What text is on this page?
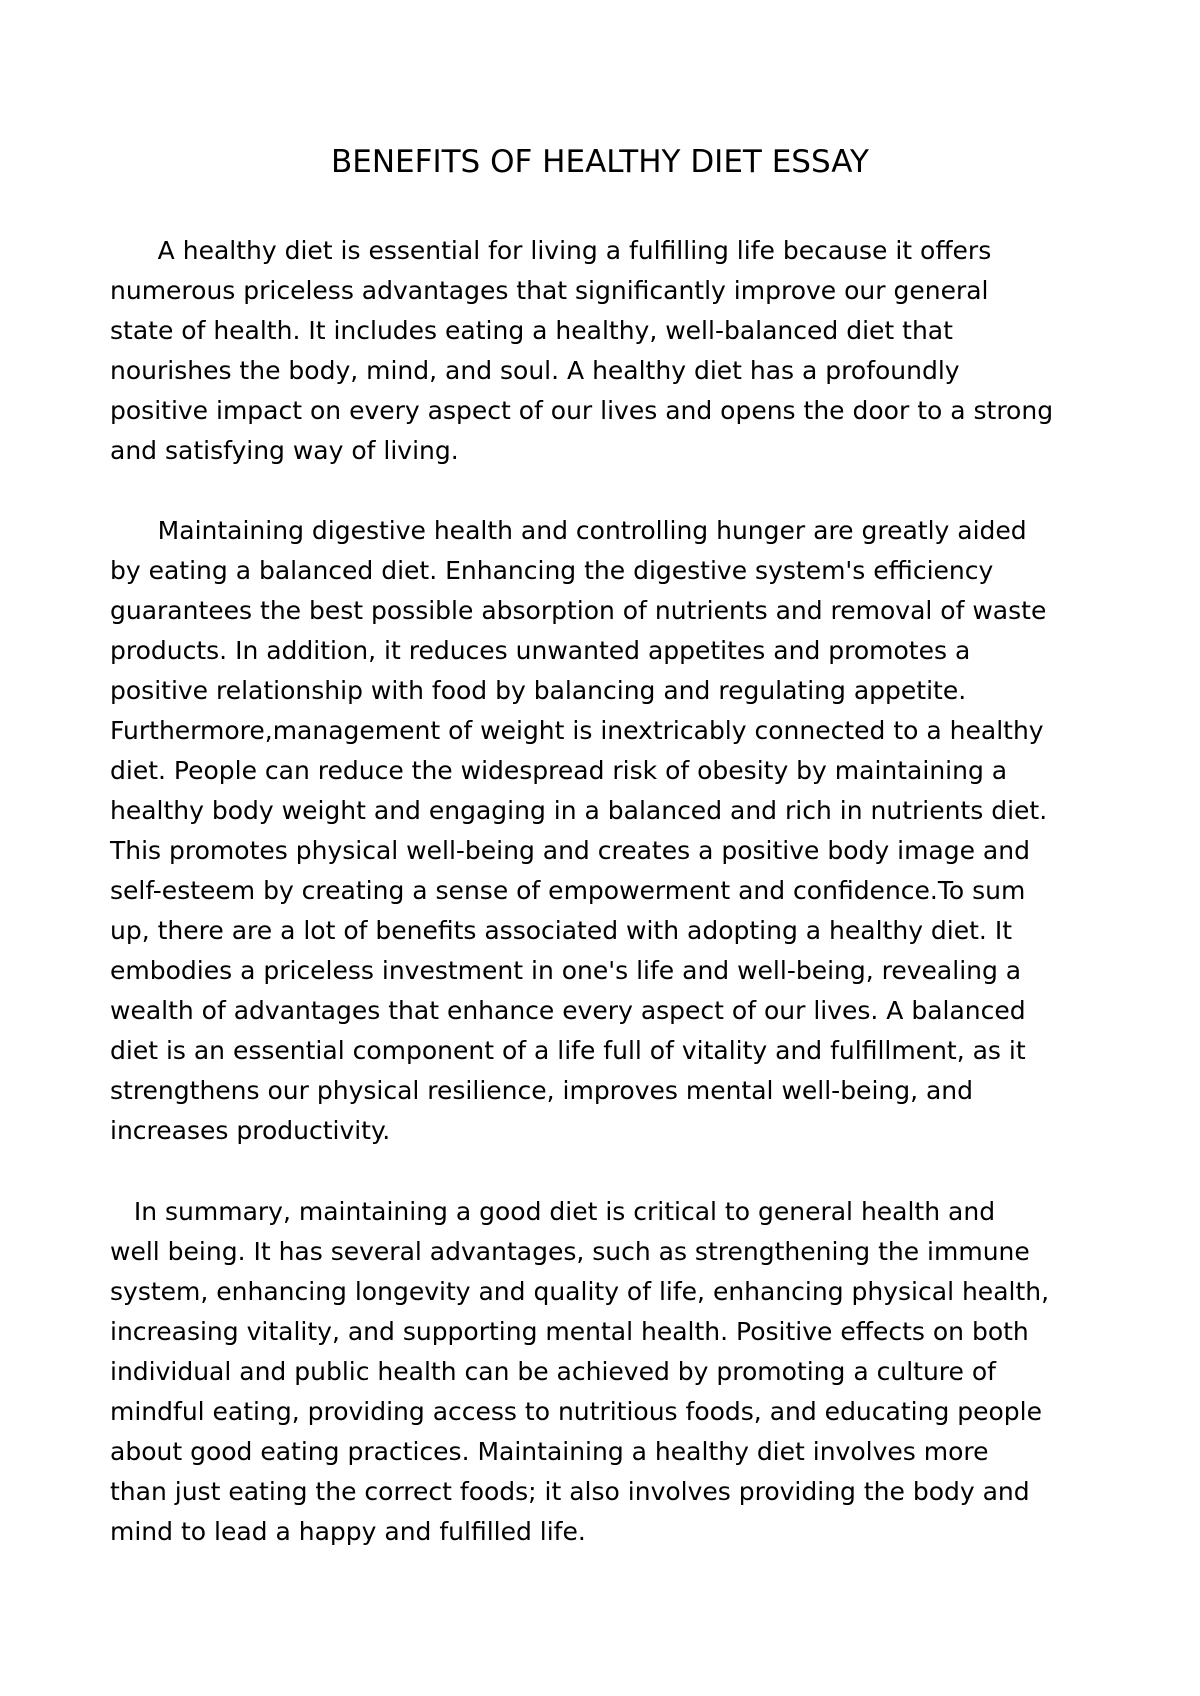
BENEFITS OF HEALTHY DIET ESSAY

A healthy diet is essential for living a fulfilling life because it offers
numerous priceless advantages that significantly improve our general
state of health. It includes eating a healthy, well-balanced diet that
nourishes the body, mind, and soul. A healthy diet has a profoundly
positive impact on every aspect of our lives and opens the door to a strong
and satisfying way of living.

Maintaining digestive health and controlling hunger are greatly aided
by eating a balanced diet. Enhancing the digestive system's efficiency
guarantees the best possible absorption of nutrients and removal of waste
products. In addition, it reduces unwanted appetites and promotes a
positive relationship with food by balancing and regulating appetite.
Furthermore,management of weight is inextricably connected to a healthy
diet. People can reduce the widespread risk of obesity by maintaining a
healthy body weight and engaging in a balanced and rich in nutrients diet.
This promotes physical well-being and creates a positive body image and
self-esteem by creating a sense of empowerment and confidence.To sum
up, there are a lot of benefits associated with adopting a healthy diet. It
embodies a priceless investment in one's life and well-being, revealing a
wealth of advantages that enhance every aspect of our lives. A balanced
diet is an essential component of a life full of vitality and fulfillment, as it
strengthens our physical resilience, improves mental well-being, and
increases productivity.

In summary, maintaining a good diet is critical to general health and
well being. It has several advantages, such as strengthening the immune
system, enhancing longevity and quality of life, enhancing physical health,
increasing vitality, and supporting mental health. Positive effects on both
individual and public health can be achieved by promoting a culture of
mindful eating, providing access to nutritious foods, and educating people
about good eating practices. Maintaining a healthy diet involves more
than just eating the correct foods; it also involves providing the body and
mind to lead a happy and fulfilled life.
